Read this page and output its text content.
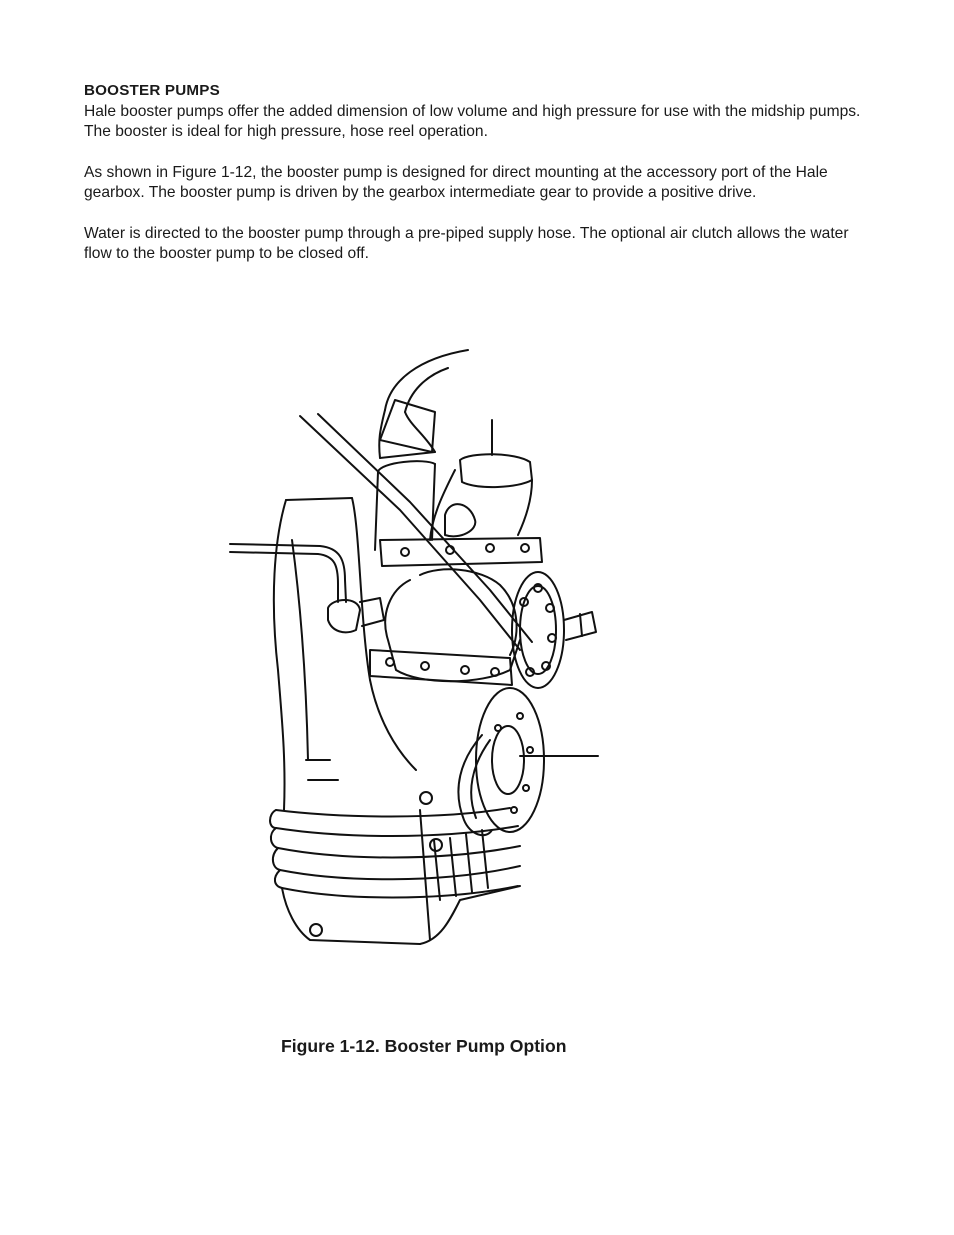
BOOSTER PUMPS

Hale booster pumps offer the added dimension of low volume and high pressure for use with the midship pumps. The booster is ideal for high pressure, hose reel operation.

As shown in Figure 1-12, the booster pump is designed for direct mounting at the accessory port of the Hale gearbox. The booster pump is driven by the gearbox intermediate gear to provide a positive drive.

Water is directed to the booster pump through a pre-piped supply hose. The optional air clutch allows the water flow to the booster pump to be closed off.

Figure 1-12. Booster Pump Option
